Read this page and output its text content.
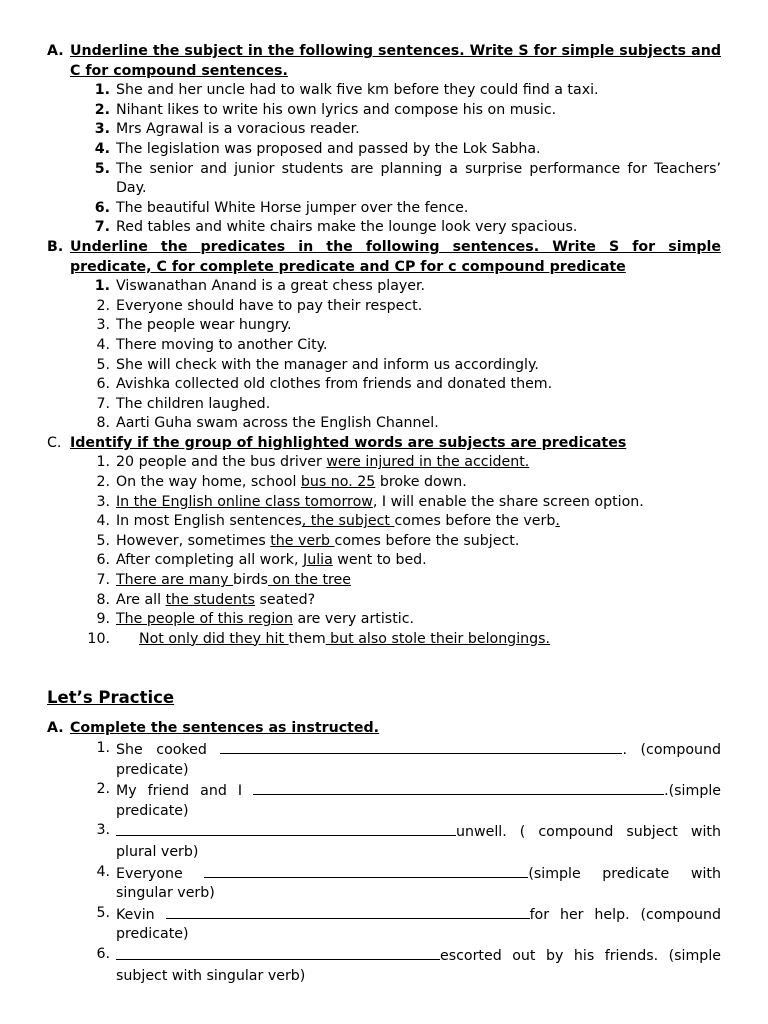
A. Underline the subject in the following sentences. Write S for simple subjects and C for compound sentences.
1. She and her uncle had to walk five km before they could find a taxi.
2. Nihant likes to write his own lyrics and compose his on music.
3. Mrs Agrawal is a voracious reader.
4. The legislation was proposed and passed by the Lok Sabha.
5. The senior and junior students are planning a surprise performance for Teachers’ Day.
6. The beautiful White Horse jumper over the fence.
7. Red tables and white chairs make the lounge look very spacious.
B. Underline the predicates in the following sentences. Write S for simple predicate, C for complete predicate and CP for c compound predicate
1. Viswanathan Anand is a great chess player.
2. Everyone should have to pay their respect.
3. The people wear hungry.
4. There moving to another City.
5. She will check with the manager and inform us accordingly.
6. Avishka collected old clothes from friends and donated them.
7. The children laughed.
8. Aarti Guha swam across the English Channel.
C. Identify if the group of highlighted words are subjects are predicates
1. 20 people and the bus driver were injured in the accident.
2. On the way home, school bus no. 25 broke down.
3. In the English online class tomorrow, I will enable the share screen option.
4. In most English sentences, the subject comes before the verb.
5. However, sometimes the verb comes before the subject.
6. After completing all work, Julia went to bed.
7. There are many birds on the tree
8. Are all the students seated?
9. The people of this region are very artistic.
10. Not only did they hit them but also stole their belongings.
Let’s Practice
A. Complete the sentences as instructed.
1. She cooked	. (compound predicate)
2. My friend and I	.(simple predicate)
3.	unwell. ( compound subject with plural verb)
4. Everyone	(simple predicate with singular verb)
5. Kevin	for her help. (compound predicate)
6.	escorted out by his friends. (simple subject with singular verb)
